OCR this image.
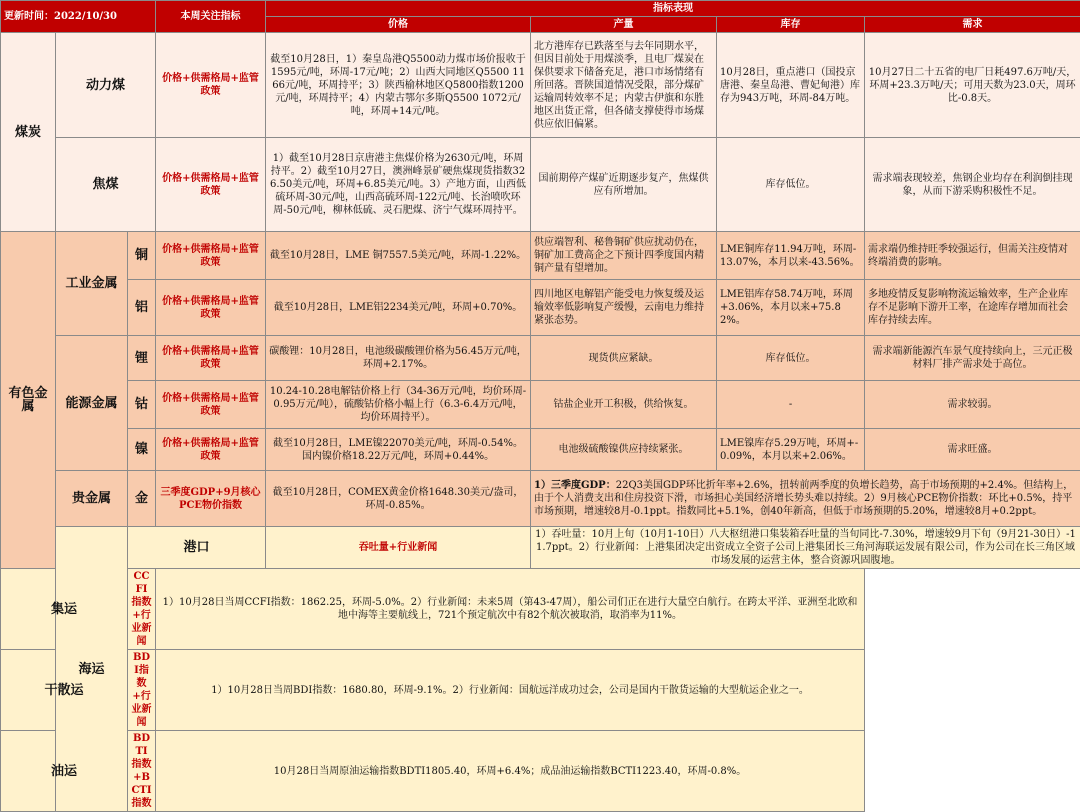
更新时间：2022/10/30			本周关注指标	指标表现			
				价格	产量	库存	需求
煤炭	动力煤		价格+供需格局+监管政策	截至10月28日，1）秦皇岛港Q5500动力煤市场价报收于1595元/吨，环周-17元/吨；2）山西大同地区Q5500 1166元/吨，环周持平；3）陕西榆林地区Q5800指数1200元/吨，环周持平；4）内蒙古鄂尔多斯Q5500 1072元/吨，环周+14元/吨。	北方港库存已跌落至与去年同期水平，但因目前处于用煤淡季，且电厂煤炭在保供要求下储备充足，港口市场情绪有所回落。晋陕国道情况受限，部分煤矿运输周转效率不足；内蒙古伊旗和东胜地区出货正常，但各储支撑使得市场煤供应依旧偏紧。	10月28日，重点港口（国投京唐港、秦皇岛港、曹妃甸港）库存为943万吨，环周-84万吨。	10月27日二十五省的电厂日耗497.6万吨/天，环周+23.3万吨/天；可用天数为23.0天，周环比-0.8天。
	焦煤		价格+供需格局+监管政策	1）截至10月28日京唐港主焦煤价格为2630元/吨，环周持平。2）截至10月27日，澳洲峰景矿硬焦煤现货指数326.50美元/吨，环周+6.85美元/吨。3）产地方面，山西低硫环周-30元/吨，山西高硫环周-122元/吨、长治喷吹环周-50元/吨，柳林低硫、灵石肥煤、济宁气煤环周持平。	国前期停产煤矿近期逐步复产，焦煤供应有所增加。	库存低位。	需求端表现较差，焦钢企业均存在利润倒挂现象，从而下游采购积极性不足。
有色金属	工业金属	铜	价格+供需格局+监管政策	截至10月28日，LME 铜7557.5美元/吨，环周-1.22%。	供应端智利、秘鲁铜矿供应扰动仍在，铜矿加工费高企之下预计四季度国内精铜产量有望增加。	LME铜库存11.94万吨，环周-13.07%，本月以来-43.56%。	需求端仍维持旺季较强运行，但需关注疫情对终端消费的影响。
		铝	价格+供需格局+监管政策	截至10月28日，LME铝2234美元/吨，环周+0.70%。	四川地区电解铝产能受电力恢复缓及运输效率低影响复产缓慢，云南电力维持紧张态势。	LME铝库存58.74万吨，环周+3.06%，本月以来+75.82%。	多地疫情反复影响物流运输效率，生产企业库存不足影响下游开工率，在途库存增加而社会库存持续去库。
	能源金属	锂	价格+供需格局+监管政策	碳酸锂：10月28日，电池级碳酸锂价格为56.45万元/吨，环周+2.17%。	现货供应紧缺。	库存低位。	需求端新能源汽车景气度持续向上，三元正极材料厂排产需求处于高位。
		钴	价格+供需格局+监管政策	10.24-10.28电解钴价格上行（34-36万元/吨，均价环周-0.95万元/吨），硫酸钴价格小幅上行（6.3-6.4万元/吨，均价环周持平）。	钴盐企业开工积极，供给恢复。	-	需求较弱。
		镍	价格+供需格局+监管政策	截至10月28日，LME镍22070美元/吨，环周-0.54%。国内镍价格18.22万元/吨，环周+0.44%。	电池级硫酸镍供应持续紧张。	LME镍库存5.29万吨，环周+-0.09%，本月以来+2.06%。	需求旺盛。
	贵金属	金	三季度GDP+9月核心PCE物价指数	截至10月28日，COMEX黄金价格1648.30美元/盎司，环周-0.85%。	1）三季度GDP：22Q3美国GDP环比折年率+2.6%，扭转前两季度的负增长趋势，高于市场预期的+2.4%。但结构上，由于个人消费支出和住房投资下滑，市场担心美国经济增长势头难以持续。2）9月核心PCE物价指数：环比+0.5%，持平市场预期，增速较8月-0.1ppt。指数同比+5.1%，创40年新高，但低于市场预期的5.20%，增速较8月+0.2ppt。		
	海运	港口		吞吐量+行业新闻	1）吞吐量：10月上旬（10月1-10日）八大枢纽港口集装箱吞吐量的当旬同比-7.30%，增速较9月下旬（9月21-30日）-11.7ppt。2）行业新闻：上港集团决定出资成立全资子公司上港集团长三角河海联运发展有限公司，作为公司在长三角区域市场发展的运营主体，整合资源巩固腹地。		
集运		CCFI指数+行业新闻	1）10月28日当周CCFI指数：1862.25，环周-5.0%。2）行业新闻：未来5周（第43-47周），船公司们正在进行大量空白航行。在跨太平洋、亚洲至北欧和地中海等主要航线上，721个预定航次中有82个航次被取消，取消率为11%。				
干散运		BDI指数+行业新闻	1）10月28日当周BDI指数：1680.80，环周-9.1%。2）行业新闻：国航远洋成功过会，公司是国内干散货运输的大型航运企业之一。				
油运		BDTI指数+BCTI指数	10月28日当周原油运输指数BDTI1805.40，环周+6.4%；成品油运输指数BCTI1223.40，环周-0.8%。				
